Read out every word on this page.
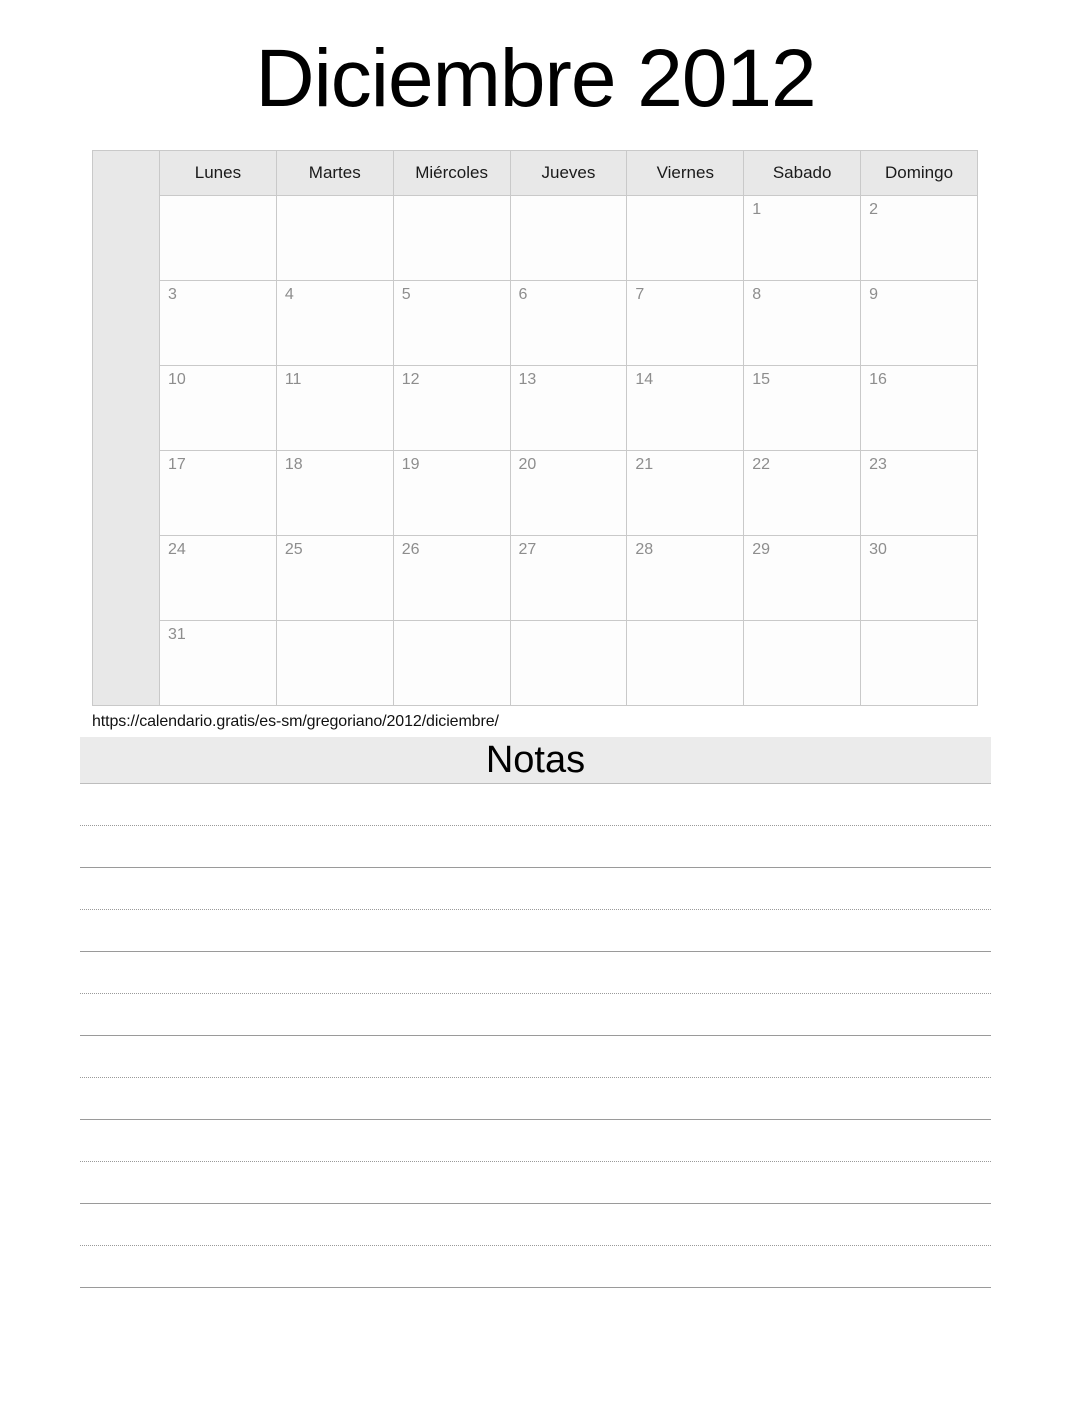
Diciembre 2012
	Lunes	Martes	Miércoles	Jueves	Viernes	Sabado	Domingo

						1	2

	3	4	5	6	7	8	9

	10	11	12	13	14	15	16

	17	18	19	20	21	22	23

	24	25	26	27	28	29	30

	31						

https://calendario.gratis/es-sm/gregoriano/2012/diciembre/
Notas
